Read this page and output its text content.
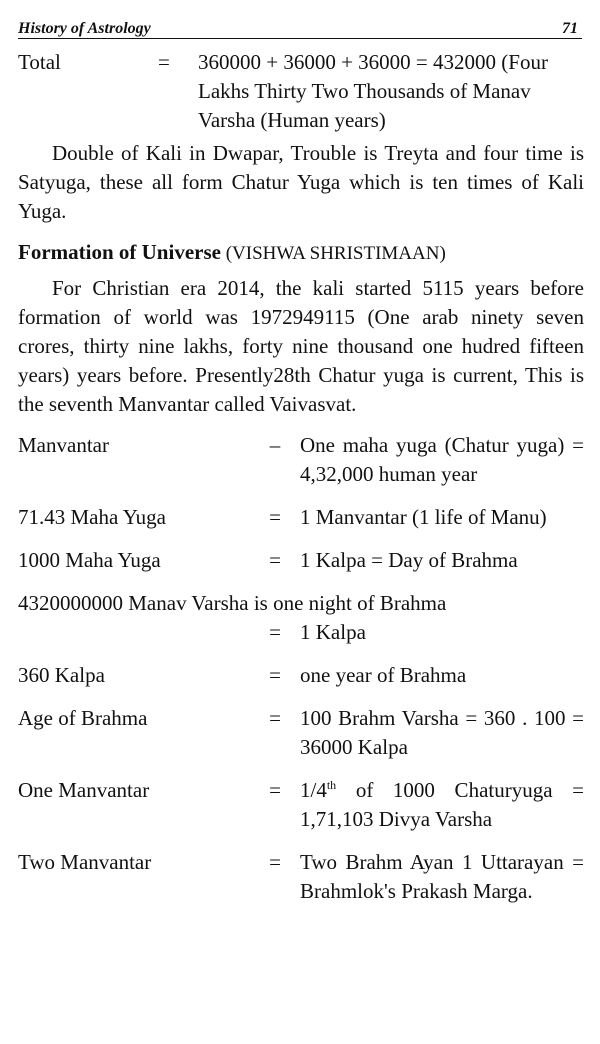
History of Astrology	71
Total	=	360000 + 36000 + 36000 = 432000 (Four Lakhs Thirty Two Thousands of Manav Varsha (Human years)

Double of Kali in Dwapar, Trouble is Treyta and four time is Satyuga, these all form Chatur Yuga which is ten times of Kali Yuga.

Formation of Universe (VISHWA SHRISTIMAAN)

For Christian era 2014, the kali started 5115 years before formation of world was 1972949115 (One arab ninety seven crores, thirty nine lakhs, forty nine thousand one hudred fifteen years) years before. Presently28th Chatur yuga is current, This is the seventh Manvantar called Vaivasvat.

Manvantar	– One maha yuga (Chatur yuga) = 4,32,000 human year
71.43 Maha Yuga	= 1 Manvantar (1 life of Manu)
1000 Maha Yuga	= 1 Kalpa = Day of Brahma
4320000000 Manav Varsha is one night of Brahma
= 1 Kalpa
360 Kalpa	= one year of Brahma
Age of Brahma	= 100 Brahm Varsha = 360 . 100 = 36000 Kalpa
One Manvantar	= 1/4th of 1000 Chaturyuga = 1,71,103 Divya Varsha
Two Manvantar	= Two Brahm Ayan 1 Uttarayan = Brahmlok's Prakash Marga.
